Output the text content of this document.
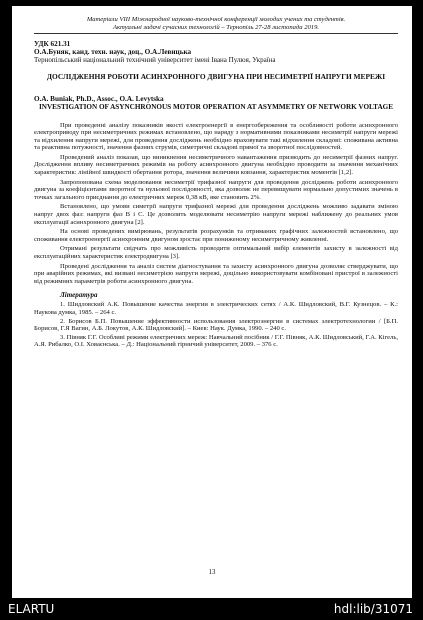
Матеріали VIII Міжнародної науково-технічної конференції молодих учених та студентів.
Актуальні задачі сучасних технологій – Тернопіль 27-28 листопада 2019.
УДК 621.31
О.А.Буняк, канд. техн. наук, доц., О.А.Левицька
Тернопільський національний технічний університет імені Івана Пулюя, Україна
ДОСЛІДЖЕННЯ РОБОТИ АСИНХРОННОГО ДВИГУНА ПРИ НЕСИМЕТРІЇ НАПРУГИ МЕРЕЖІ
O.A. Buniak, Ph.D., Assoc., O.A. Levytska
INVESTIGATION OF ASYNCHRONOUS MOTOR OPERATION AT ASYMMETRY OF NETWORK VOLTAGE

При проведенні аналізу показників якості електроенергії в енергозбереження та особливості роботи асинхронного електроприводу при несиметричних режимах встановлено, що наряду з нормативними показниками несиметрії напруги мережі та відхилення напруги мережі, для проведення досліджень необхідно враховувати такі відхилення складові: споживана активна та реактивна потужності, значення фазних струмів, симетричні складові прямої та зворотної послідовностей.

Проведений аналіз показав, що виникнення несиметричного навантаження призводить до несиметрії фазних напруг. Дослідження впливу несиметричних режимів на роботу асинхронного двигуна необхідно проводити за значення механічних характеристик: лінійної швидкості обертання ротора, значення величини ковзання, характеристик моментів [1,2].

Запропонована схема моделювання несиметрії трифазної напруги для проведення досліджень роботи асинхронного двигуна за коефіцієнтами зворотної та нульової послідовності, яка дозволяє не перевищувати нормально допустимих значень в точках загального приєднання до електричних мереж 0,38 кВ, яке становить 2%.

Встановлено, що умови симетрії напруги трифазної мережі для проведення досліджень можливо задавати зміною напруг двох фаз: напруги фаз В і С. Це дозволить моделювати несиметрію напруги мережі наближену до реальних умов експлуатації асинхронного двигуна [2].

На основі проведених вимірювань, результатів розрахунків та отриманих графічних залежностей встановлено, що споживання електроенергії асинхронним двигуном зростає при пониженому несиметричному живленні.

Отримані результати свідчать про можливість проводити оптимальний вибір елементів захисту в залежності від експлуатаційних характеристик електродвигуна [3].

Проведені дослідження та аналіз систем діагностування та захисту асинхронного двигуна дозволяє стверджувати, що при аварійних режимах, які визвані несиметрією напруги мережі, доцільно використовувати комбіновані пристрої в залежності від режимних параметрів роботи асинхронного двигуна.

Література

1. Шидловский А.К. Повышение качества энергии в электрических сетях / А.К. Шидловский, В.Г. Кузнецов. – К.: Наукова думка, 1985. – 264 с.

2. Борисов Б.П. Повышение эффективности использования электроэнергии в системах электротехнологии / [Б.П. Борисов, Г.Я Вагин, А.Б. Локутов, А.К. Шидловский]. – Киев: Наук. Думка, 1990. – 240 с.

3. Півняк Г.Г. Особливі режими електричних мереж: Навчальний посібник / Г.Г. Півняк, А.К. Шидловський, Г.А. Кігель, А.Я. Рибалко, О.І. Ховаєнська. – Д.: Національний гірничий університет, 2009. – 376 с.

13
ELARTU	hdl:lib/31071
